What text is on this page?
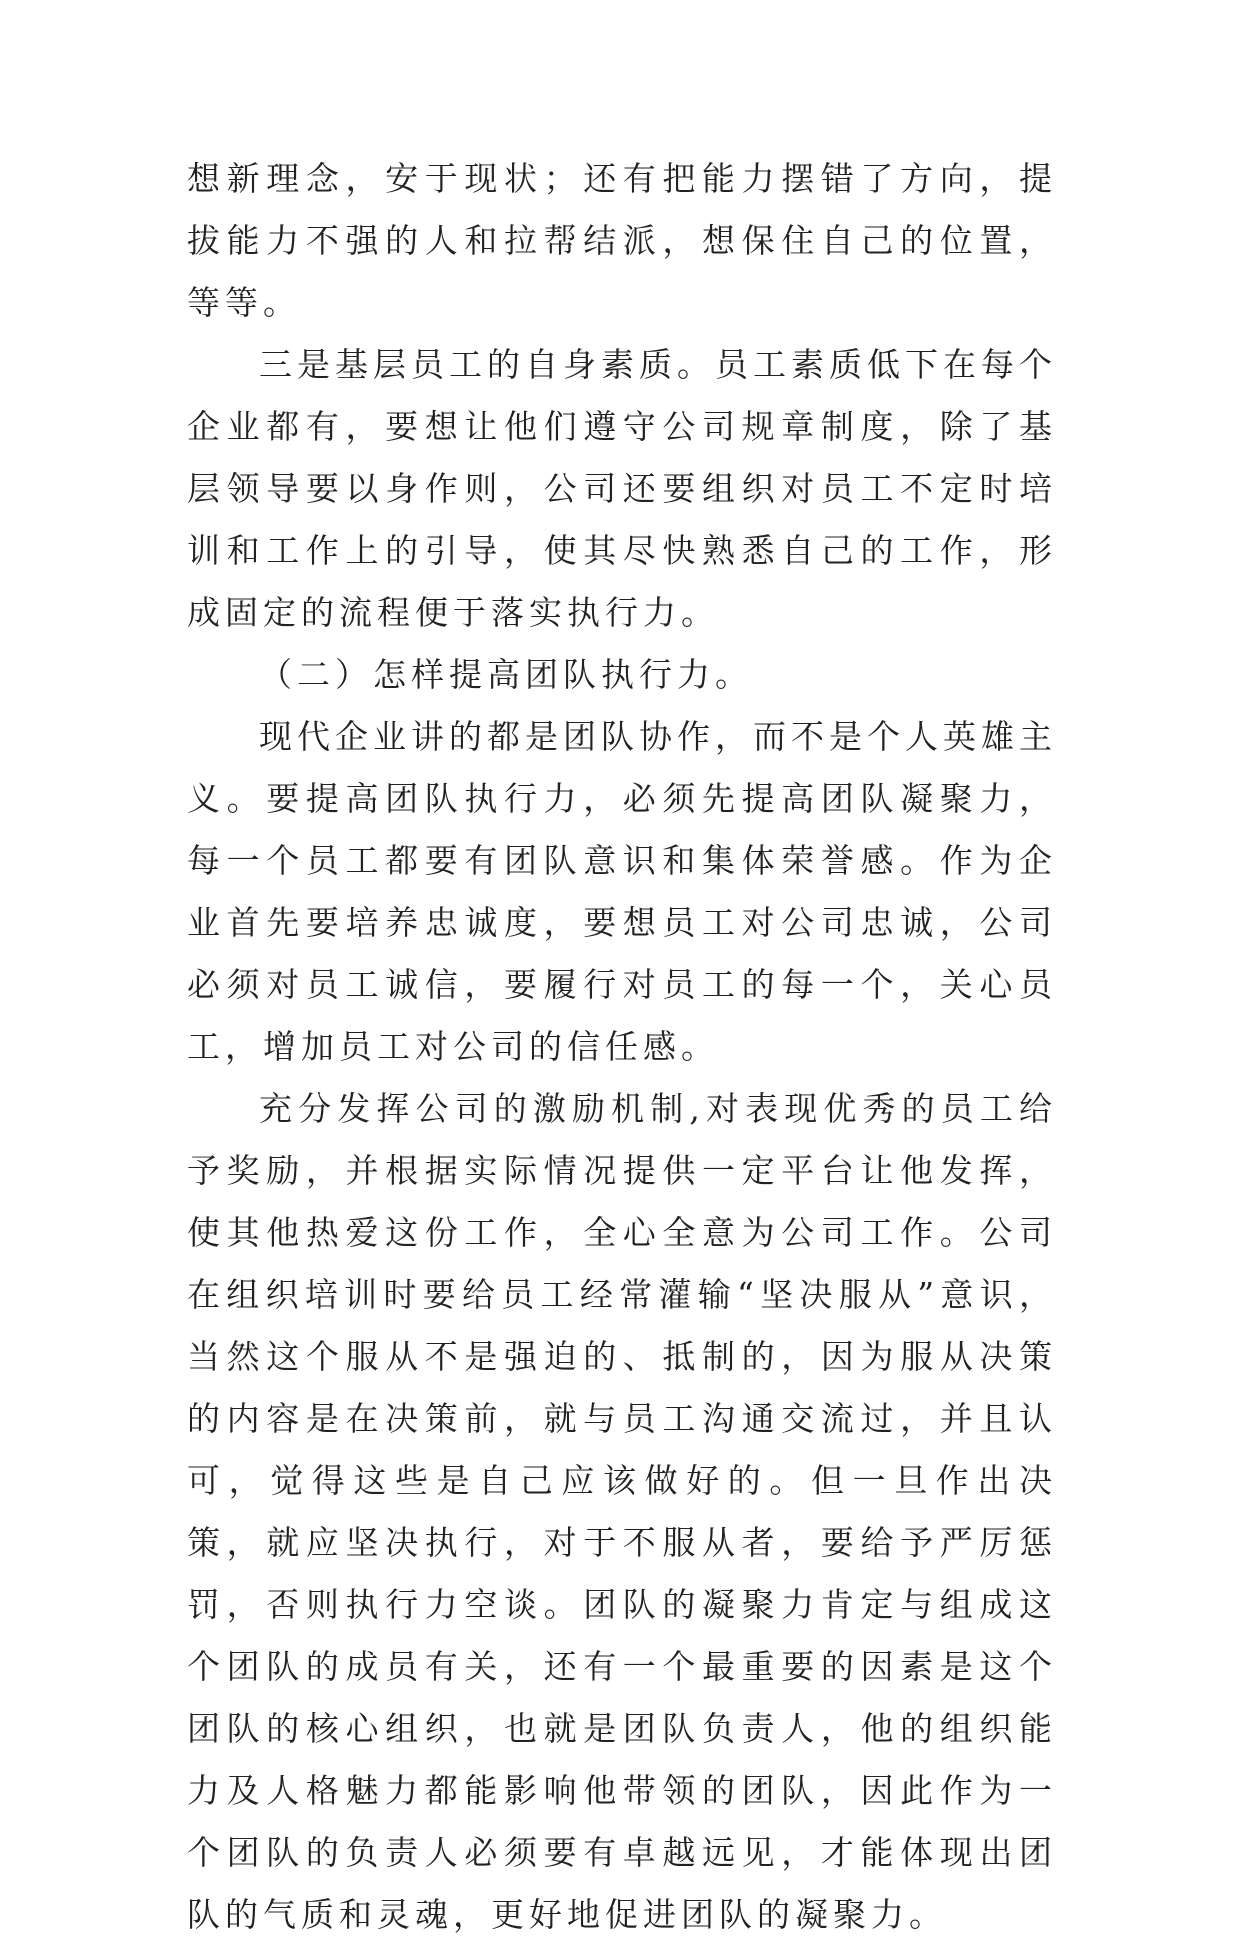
想新理念，安于现状；还有把能力摆错了方向，提拔能力不强的人和拉帮结派，想保住自己的位置，等等。

三是基层员工的自身素质。员工素质低下在每个企业都有，要想让他们遵守公司规章制度，除了基层领导要以身作则，公司还要组织对员工不定时培训和工作上的引导，使其尽快熟悉自己的工作，形成固定的流程便于落实执行力。

（二）怎样提高团队执行力。

现代企业讲的都是团队协作，而不是个人英雄主义。要提高团队执行力，必须先提高团队凝聚力，每一个员工都要有团队意识和集体荣誉感。作为企业首先要培养忠诚度，要想员工对公司忠诚，公司必须对员工诚信，要履行对员工的每一个，关心员工，增加员工对公司的信任感。

充分发挥公司的激励机制,对表现优秀的员工给予奖励，并根据实际情况提供一定平台让他发挥，使其他热爱这份工作，全心全意为公司工作。公司在组织培训时要给员工经常灌输“坚决服从”意识，当然这个服从不是强迫的、抵制的，因为服从决策的内容是在决策前，就与员工沟通交流过，并且认可，觉得这些是自己应该做好的。但一旦作出决策，就应坚决执行，对于不服从者，要给予严厉惩罚，否则执行力空谈。团队的凝聚力肯定与组成这个团队的成员有关，还有一个最重要的因素是这个团队的核心组织，也就是团队负责人，他的组织能力及人格魅力都能影响他带领的团队，因此作为一个团队的负责人必须要有卓越远见，才能体现出团队的气质和灵魂，更好地促进团队的凝聚力。
